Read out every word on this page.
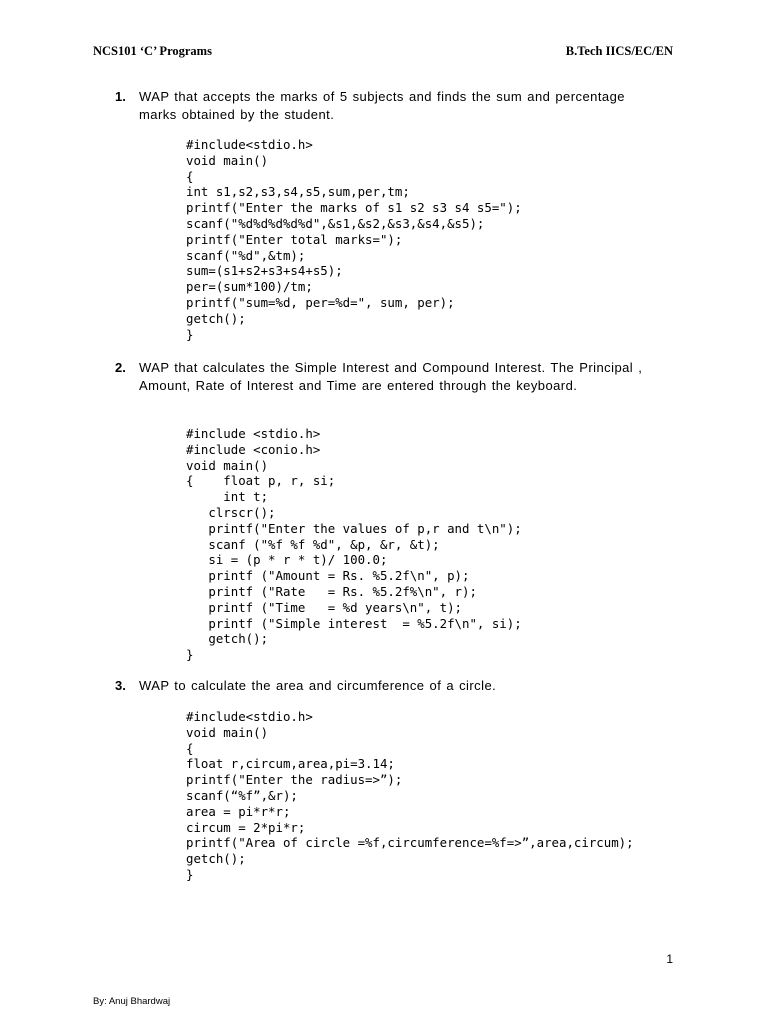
NCS101 ‘C’ Programs	B.Tech IICS/EC/EN
1. WAP that accepts the marks of 5 subjects and finds the sum and percentage marks obtained by the student.
#include<stdio.h>
void main()
{
int s1,s2,s3,s4,s5,sum,per,tm;
printf("Enter the marks of s1 s2 s3 s4 s5=");
scanf("%d%d%d%d%d",&s1,&s2,&s3,&s4,&s5);
printf("Enter total marks=");
scanf("%d",&tm);
sum=(s1+s2+s3+s4+s5);
per=(sum*100)/tm;
printf("sum=%d, per=%d=", sum, per);
getch();
}
2. WAP that calculates the Simple Interest and Compound Interest. The Principal , Amount, Rate of Interest and Time are entered through the keyboard.
#include <stdio.h>
#include <conio.h>
void main()
{    float p, r, si;
int t;
clrscr();
printf("Enter the values of p,r and t\n");
scanf ("%f %f %d", &p, &r, &t);
si = (p * r * t)/ 100.0;
printf ("Amount = Rs. %5.2f\n", p);
printf ("Rate   = Rs. %5.2f%\n", r);
printf ("Time   = %d years\n", t);
printf ("Simple interest  = %5.2f\n", si);
getch();
}
3. WAP to calculate the area and circumference of a circle.
#include<stdio.h>
void main()
{
float r,circum,area,pi=3.14;
printf("Enter the radius=>”);
scanf(“%f”,&r);
area = pi*r*r;
circum = 2*pi*r;
printf("Area of circle =%f,circumference=%f=>”,area,circum);
getch();
}
1
By: Anuj Bhardwaj
